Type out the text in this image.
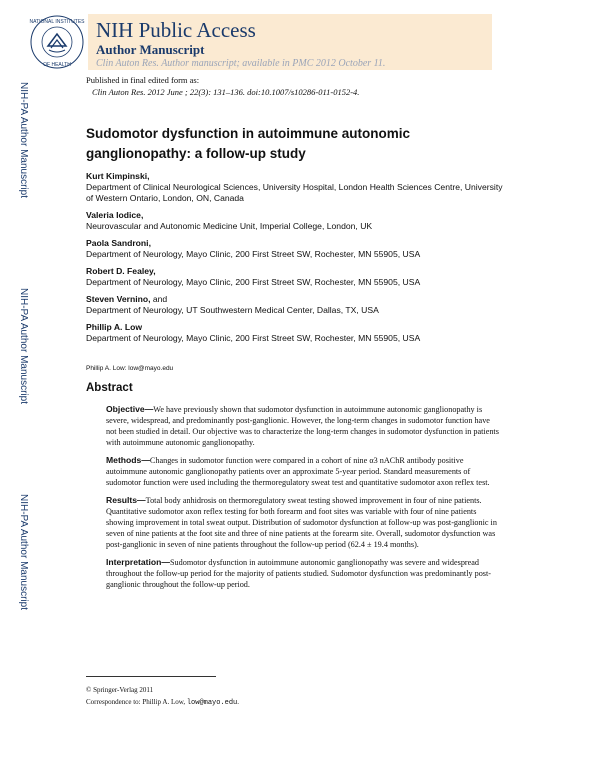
NATIONAL INSTITUTES
OF HEALTH
NIH Public Access
Author Manuscript
Clin Auton Res. Author manuscript; available in PMC 2012 October 11.
NIH-PA Author Manuscript
NIH-PA Author Manuscript
NIH-PA Author Manuscript
Published in final edited form as:
Clin Auton Res. 2012 June ; 22(3): 131–136. doi:10.1007/s10286-011-0152-4.
Sudomotor dysfunction in autoimmune autonomic ganglionopathy: a follow-up study
Kurt Kimpinski,
Department of Clinical Neurological Sciences, University Hospital, London Health Sciences Centre, University of Western Ontario, London, ON, Canada
Valeria Iodice,
Neurovascular and Autonomic Medicine Unit, Imperial College, London, UK
Paola Sandroni,
Department of Neurology, Mayo Clinic, 200 First Street SW, Rochester, MN 55905, USA
Robert D. Fealey,
Department of Neurology, Mayo Clinic, 200 First Street SW, Rochester, MN 55905, USA
Steven Vernino, and
Department of Neurology, UT Southwestern Medical Center, Dallas, TX, USA
Phillip A. Low
Department of Neurology, Mayo Clinic, 200 First Street SW, Rochester, MN 55905, USA
Phillip A. Low: low@mayo.edu
Abstract

Objective—We have previously shown that sudomotor dysfunction in autoimmune autonomic ganglionopathy is severe, widespread, and predominantly post-ganglionic. However, the long-term changes in sudomotor function have not been studied in detail. Our objective was to characterize the long-term changes in sudomotor dysfunction in patients with autoimmune autonomic ganglionopathy.

Methods—Changes in sudomotor function were compared in a cohort of nine α3 nAChR antibody positive autoimmune autonomic ganglionopathy patients over an approximate 5-year period. Standard measurements of sudomotor function were used including the thermoregulatory sweat test and quantitative sudomotor axon reflex test.

Results—Total body anhidrosis on thermoregulatory sweat testing showed improvement in four of nine patients. Quantitative sudomotor axon reflex testing for both forearm and foot sites was variable with four of nine patients showing improvement in total sweat output. Distribution of sudomotor dysfunction at follow-up was post-ganglionic in seven of nine patients at the foot site and three of nine patients at the forearm site. Overall, sudomotor dysfunction was post-ganglionic in seven of nine patients throughout the follow-up period (62.4 ± 19.4 months).

Interpretation—Sudomotor dysfunction in autoimmune autonomic ganglionopathy was severe and widespread throughout the follow-up period for the majority of patients studied. Sudomotor dysfunction was predominantly post-ganglionic throughout the follow-up period.

© Springer-Verlag 2011
Correspondence to: Phillip A. Low, low@mayo.edu.
